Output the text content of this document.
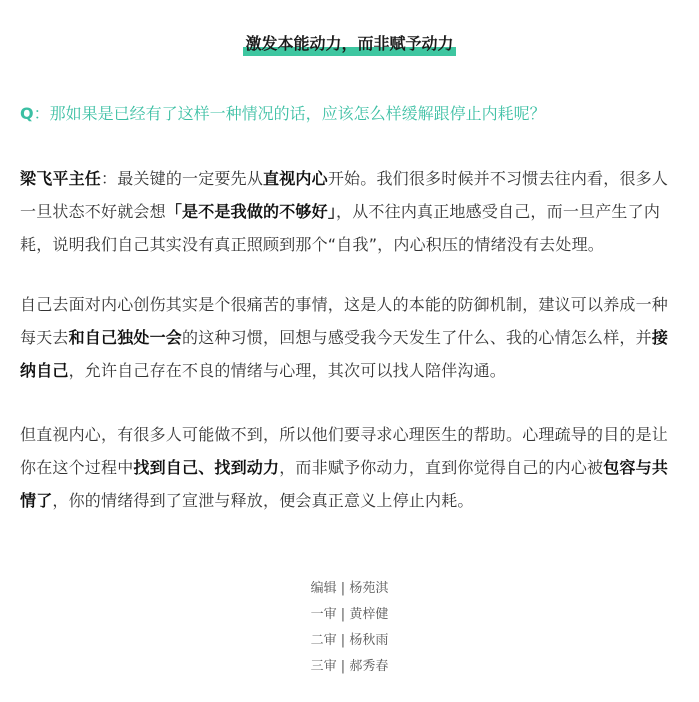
激发本能动力，而非赋予动力
Q：那如果是已经有了这样一种情况的话，应该怎么样缓解跟停止内耗呢？
梁飞平主任：最关键的一定要先从直视内心开始。我们很多时候并不习惯去往内看，很多人一旦状态不好就会想「是不是我做的不够好」，从不往内真正地感受自己，而一旦产生了内耗，说明我们自己其实没有真正照顾到那个“自我”，内心积压的情绪没有去处理。
自己去面对内心创伤其实是个很痛苦的事情，这是人的本能的防御机制，建议可以养成一种每天去和自己独处一会的这种习惯，回想与感受我今天发生了什么、我的心情怎么样，并接纳自己，允许自己存在不良的情绪与心理，其次可以找人陪伴沟通。
但直视内心，有很多人可能做不到，所以他们要寻求心理医生的帮助。心理疏导的目的是让你在这个过程中找到自己、找到动力，而非赋予你动力，直到你觉得自己的内心被包容与共情了，你的情绪得到了宣泄与释放，便会真正意义上停止内耗。
编辑 | 杨苑淇
一审 | 黄梓健
二审 | 杨秋雨
三审 | 郝秀春
